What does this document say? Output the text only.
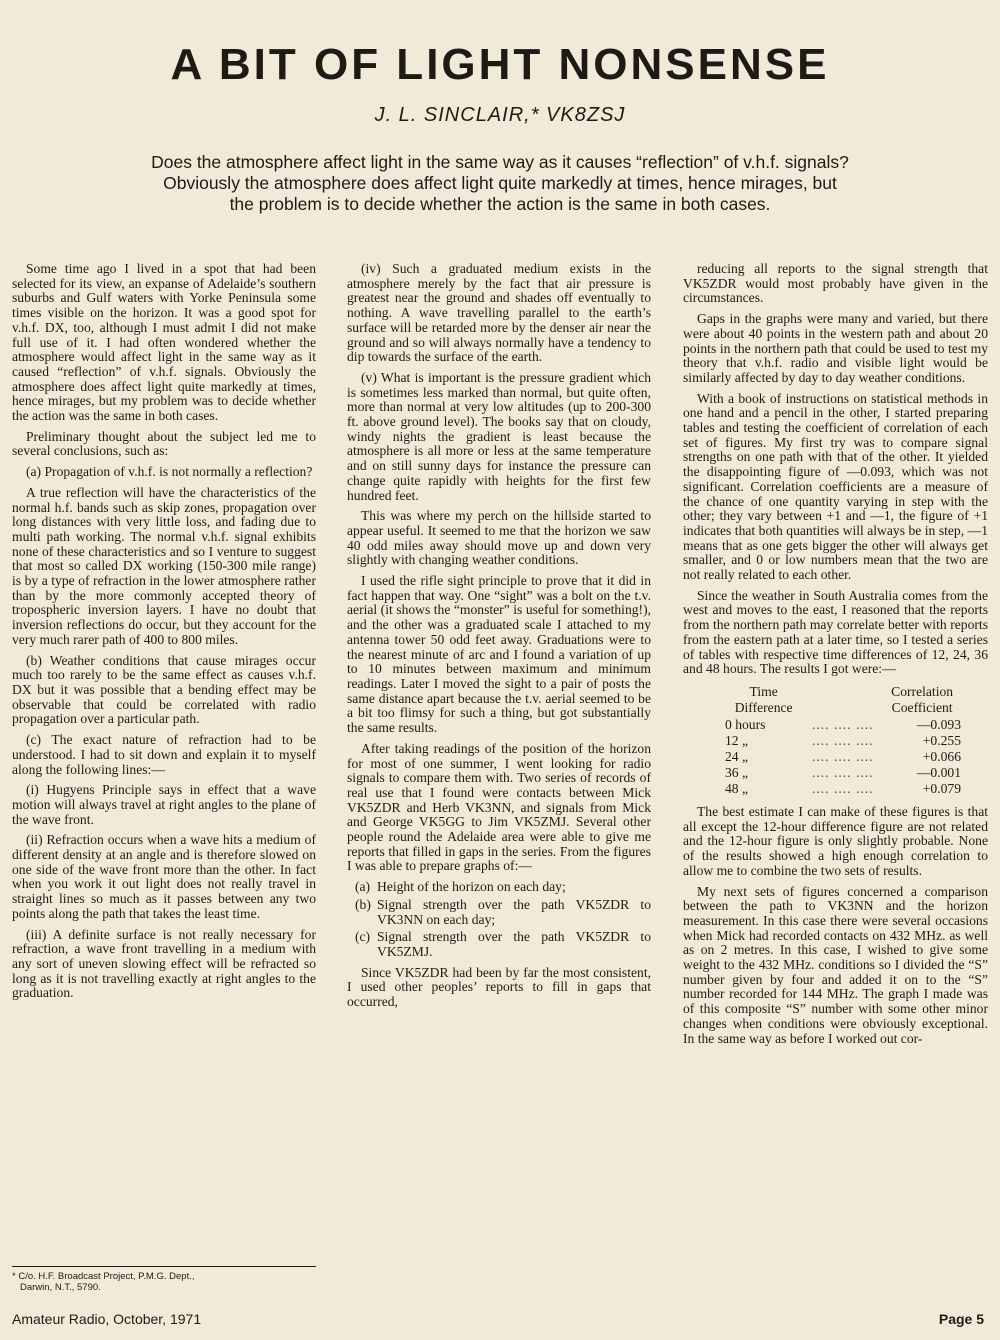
A BIT OF LIGHT NONSENSE

J. L. SINCLAIR,* VK8ZSJ

Does the atmosphere affect light in the same way as it causes “reflection” of v.h.f. signals? Obviously the atmosphere does affect light quite markedly at times, hence mirages, but the problem is to decide whether the action is the same in both cases.

Some time ago I lived in a spot that had been selected for its view, an expanse of Adelaide’s southern suburbs and Gulf waters with Yorke Peninsula some times visible on the horizon. It was a good spot for v.h.f. DX, too, although I must admit I did not make full use of it. I had often wondered whether the atmosphere would affect light in the same way as it caused “reflection” of v.h.f. signals. Obviously the atmosphere does affect light quite markedly at times, hence mirages, but my problem was to decide whether the action was the same in both cases.

Preliminary thought about the subject led me to several conclusions, such as:

(a) Propagation of v.h.f. is not normally a reflection?

A true reflection will have the characteristics of the normal h.f. bands such as skip zones, propagation over long distances with very little loss, and fading due to multi path working. The normal v.h.f. signal exhibits none of these characteristics and so I venture to suggest that most so called DX working (150-300 mile range) is by a type of refraction in the lower atmosphere rather than by the more commonly accepted theory of tropospheric inversion layers. I have no doubt that inversion reflections do occur, but they account for the very much rarer path of 400 to 800 miles.

(b) Weather conditions that cause mirages occur much too rarely to be the same effect as causes v.h.f. DX but it was possible that a bending effect may be observable that could be correlated with radio propagation over a particular path.

(c) The exact nature of refraction had to be understood. I had to sit down and explain it to myself along the following lines:—

(i) Hugyens Principle says in effect that a wave motion will always travel at right angles to the plane of the wave front.

(ii) Refraction occurs when a wave hits a medium of different density at an angle and is therefore slowed on one side of the wave front more than the other. In fact when you work it out light does not really travel in straight lines so much as it passes between any two points along the path that takes the least time.

(iii) A definite surface is not really necessary for refraction, a wave front travelling in a medium with any sort of uneven slowing effect will be refracted so long as it is not travelling exactly at right angles to the graduation.

(iv) Such a graduated medium exists in the atmosphere merely by the fact that air pressure is greatest near the ground and shades off eventually to nothing. A wave travelling parallel to the earth’s surface will be retarded more by the denser air near the ground and so will always normally have a tendency to dip towards the surface of the earth.

(v) What is important is the pressure gradient which is sometimes less marked than normal, but quite often, more than normal at very low altitudes (up to 200-300 ft. above ground level). The books say that on cloudy, windy nights the gradient is least because the atmosphere is all more or less at the same temperature and on still sunny days for instance the pressure can change quite rapidly with heights for the first few hundred feet.

This was where my perch on the hillside started to appear useful. It seemed to me that the horizon we saw 40 odd miles away should move up and down very slightly with changing weather conditions.

I used the rifle sight principle to prove that it did in fact happen that way. One “sight” was a bolt on the t.v. aerial (it shows the “monster” is useful for something!), and the other was a graduated scale I attached to my antenna tower 50 odd feet away. Graduations were to the nearest minute of arc and I found a variation of up to 10 minutes between maximum and minimum readings. Later I moved the sight to a pair of posts the same distance apart because the t.v. aerial seemed to be a bit too flimsy for such a thing, but got substantially the same results.

After taking readings of the position of the horizon for most of one summer, I went looking for radio signals to compare them with. Two series of records of real use that I found were contacts between Mick VK5ZDR and Herb VK3NN, and signals from Mick and George VK5GG to Jim VK5ZMJ. Several other people round the Adelaide area were able to give me reports that filled in gaps in the series. From the figures I was able to prepare graphs of:—

(a) Height of the horizon on each day;
(b) Signal strength over the path VK5ZDR to VK3NN on each day;
(c) Signal strength over the path VK5ZDR to VK5ZMJ.

Since VK5ZDR had been by far the most consistent, I used other peoples’ reports to fill in gaps that occurred,

reducing all reports to the signal strength that VK5ZDR would most probably have given in the circumstances.

Gaps in the graphs were many and varied, but there were about 40 points in the western path and about 20 points in the northern path that could be used to test my theory that v.h.f. radio and visible light would be similarly affected by day to day weather conditions.

With a book of instructions on statistical methods in one hand and a pencil in the other, I started preparing tables and testing the coefficient of correlation of each set of figures. My first try was to compare signal strengths on one path with that of the other. It yielded the disappointing figure of —0.093, which was not significant. Correlation coefficients are a measure of the chance of one quantity varying in step with the other; they vary between +1 and —1, the figure of +1 indicates that both quantities will always be in step, —1 means that as one gets bigger the other will always get smaller, and 0 or low numbers mean that the two are not really related to each other.

Since the weather in South Australia comes from the west and moves to the east, I reasoned that the reports from the northern path may correlate better with reports from the eastern path at a later time, so I tested a series of tables with respective time differences of 12, 24, 36 and 48 hours. The results I got were:—

Time
Difference		Correlation
Coefficient
0 hours	.... .... ....	—0.093
12 „	.... .... ....	+0.255
24 „	.... .... ....	+0.066
36 „	.... .... ....	—0.001
48 „	.... .... ....	+0.079

The best estimate I can make of these figures is that all except the 12-hour difference figure are not related and the 12-hour figure is only slightly probable. None of the results showed a high enough correlation to allow me to combine the two sets of results.

My next sets of figures concerned a comparison between the path to VK3NN and the horizon measurement. In this case there were several occasions when Mick had recorded contacts on 432 MHz. as well as on 2 metres. In this case, I wished to give some weight to the 432 MHz. conditions so I divided the “S” number given by four and added it on to the “S” number recorded for 144 MHz. The graph I made was of this composite “S” number with some other minor changes when conditions were obviously exceptional. In the same way as before I worked out cor-

* C/o. H.F. Broadcast Project, P.M.G. Dept.,
Darwin, N.T., 5790.

Amateur Radio, October, 1971	Page 5
